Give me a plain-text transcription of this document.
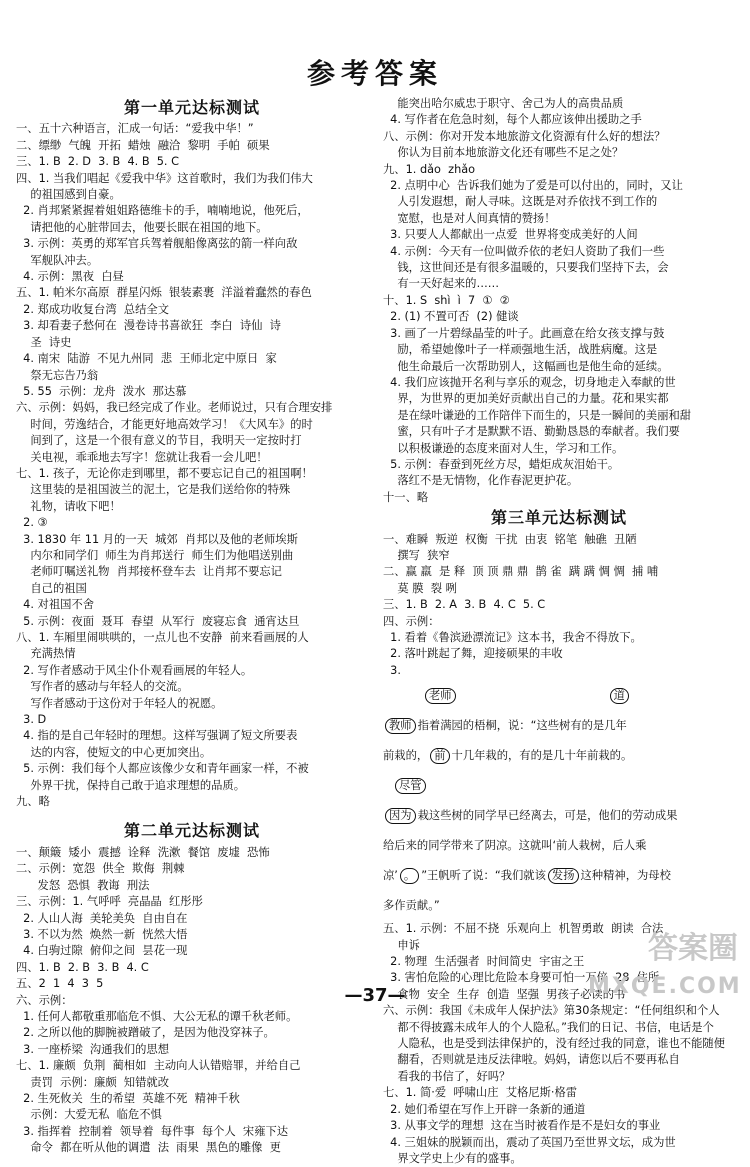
参考答案
第一单元达标测试
一、五十六种语言，汇成一句话：“爱我中华！”
二、缥缈  气魄  开拓  蜡烛  融洽  黎明  手帕  硕果
三、1. B  2. D  3. B  4. B  5. C
四、1. 当我们唱起《爱我中华》这首歌时，我们为我们伟大
的祖国感到自豪。
2. 肖邦紧紧握着姐姐路德维卡的手，喃喃地说，他死后，
请把他的心脏带回去，他要长眠在祖国的地下。
3. 示例：英勇的郑军官兵驾着舰船像离弦的箭一样向敌
军舰队冲去。
4. 示例：黑夜  白昼
五、1. 帕米尔高原  群星闪烁  银装素裹  洋溢着蠢然的春色
2. 郑成功收复台湾  总结全文
3. 却看妻子愁何在  漫卷诗书喜欲狂  李白  诗仙  诗
圣  诗史
4. 南宋  陆游  不见九州同  悲  王师北定中原日  家
祭无忘告乃翁
5. 55  示例：龙舟  泼水  那达慕
六、示例：妈妈，我已经完成了作业。老师说过，只有合理安排
时间，劳逸结合，才能更好地高效学习！《大风车》的时
间到了，这是一个很有意义的节目，我明天一定按时打
关电视，乖乖地去写字！您就让我看一会儿吧！
七、1. 孩子，无论你走到哪里，都不要忘记自己的祖国啊！
这里装的是祖国波兰的泥土，它是我们送给你的特殊
礼物，请收下吧！
2. ③
3. 1830 年 11 月的一天  城郊  肖邦以及他的老师埃斯
内尔和同学们  师生为肖邦送行  师生们为他唱送别曲
老师叮嘱送礼物  肖邦接杯登车去  让肖邦不要忘记
自己的祖国
4. 对祖国不舍
5. 示例：夜面  聂耳  春望  从军行  废寝忘食  通宵达旦
八、1. 车厢里闹哄哄的，一点儿也不安静  前来看画展的人
充满热情
2. 写作者感动于风尘仆仆观看画展的年轻人。
写作者的感动与年轻人的交流。
写作者感动于这份对于年轻人的祝愿。
3. D
4. 指的是自己年轻时的理想。这样写强调了短文所要表
达的内容，使短文的中心更加突出。
5. 示例：我们每个人都应该像少女和青年画家一样，不被
外界干扰，保持自己敢于追求理想的品质。
九、略
第二单元达标测试
一、颠簸  矮小  震撼  诠释  洗漱  餐馆  废墟  恐怖
二、示例：宽怨  供全  欺侮  荆棘
发怒  恐惧  教诲  刑法
三、示例：1. 气呼呼  亮晶晶  红彤彤
2. 人山人海  美轮美奂  自由自在
3. 不以为然  焕然一新  恍然大悟
4. 白驹过隙  俯仰之间  昙花一现
四、1. B  2. B  3. B  4. C
五、2  1  4  3  5
六、示例：
1. 任何人都敬重那临危不惧、大公无私的谭千秋老师。
2. 之所以他的脚腕被蹭破了，是因为他没穿袜子。
3. 一座桥梁  沟通我们的思想
七、1. 廉颇  负荆  蔺相如  主动向人认错赔罪，并给自己
责罚  示例：廉颇  知错就改
2. 生死攸关  生的希望  英雄不死  精神千秋
示例：大爱无私  临危不惧
3. 指挥着  控制着  领导着  每件事  每个人  宋雍下达
命令  都在听从他的调遣  法  雨果  黑色的雕像  更
能突出哈尔威忠于职守、舍己为人的高贵品质
4. 写作者在危急时刻，每个人都应该伸出援助之手
八、示例：你对开发本地旅游文化资源有什么好的想法？
你认为目前本地旅游文化还有哪些不足之处？
九、1. dǎo  zhǎo
2. 点明中心  告诉我们她为了爱是可以付出的，同时，又让
人引发遐想，耐人寻味。这既是对乔依找不到工作的
宽慰，也是对人间真情的赞扬！
3. 只要人人都献出一点爱  世界将变成美好的人间
4. 示例：今天有一位叫做乔依的老妇人资助了我们一些
钱，这世间还是有很多温暖的，只要我们坚持下去，会
有一天好起来的……
十、1. S  shì  ì  7  ①  ②
2. (1) 不置可否  (2) 健谈
3. 画了一片碧绿晶莹的叶子。此画意在给女孩支撑与鼓
励，希望她像叶子一样顽强地生活，战胜病魔。这是
他生命最后一次帮助别人，这幅画也是他生命的延续。
4. 我们应该抛开名利与享乐的观念，切身地走入奉献的世
界，为世界的更加美好贡献出自己的力量。花和果实都
是在绿叶谦逊的工作陪伴下而生的，只是一瞬间的美丽和甜
蜜，只有叶子才是默默不语、勤勤恳恳的奉献者。我们要
以积极谦逊的态度来面对人生，学习和工作。
5. 示例：春蚕到死丝方尽，蜡炬成灰泪始干。
落红不是无情物，化作春泥更护花。
十一、略
第三单元达标测试
一、难瞬  叛逆  权衡  干扰  由衷  铭笔  触礁  丑陋
撰写  狭窄
二、赢 羸  是 释  顶 顶 鼎 鼎  鹊 雀  蹒 蹒 惆 惆  捕 哺
莫 膜  裂 咧
三、1. B  2. A  3. B  4. C  5. C
四、示例：
1. 看着《鲁滨逊漂流记》这本书，我舍不得放下。
2. 落叶跳起了舞，迎接硕果的丰收
3.
老师	道
教师 指着满园的梧桐，说 ：“这些树有的是几年
前栽的， 前 十几年栽的，有的是几十年前栽的。
尽管
因为 栽这些树的同学早已经离去，可是，他们的劳动成果
给后来的同学带来了阴凉。这就叫‘前人栽树，后人乘
凉’ 。 ”王帆听了说：“我们就该 发扬 这种精神，为母校
多作贡献。”
五、1. 示例：不屈不挠  乐观向上  机智勇敢  朗读  合法
申诉
2. 物理  生活强者  时间简史  宇宙之王
3. 害怕危险的心理比危险本身要可怕一万倍  28  住所
食物  安全  生存  创造  坚强  男孩子必读的书
六、示例：我国《未成年人保护法》第30条规定：“任何组织和个人
都不得披露未成年人的个人隐私。”我们的日记、书信，电话是个
人隐私，也是受到法律保护的，没有经过我的同意，谁也不能随便
翻看，否则就是违反法律啦。妈妈，请您以后不要再私自
看我的书信了，好吗？
七、1. 简·爱  呼啸山庄  艾格尼斯·格雷
2. 她们希望在写作上开辟一条新的通道
3. 从事文学的理想  这在当时被看作是不是妇女的事业
4. 三姐妹的脱颖而出，震动了英国乃至世界文坛，成为世
界文学史上少有的盛事。
—37—
答案圈
MXQE.COM
